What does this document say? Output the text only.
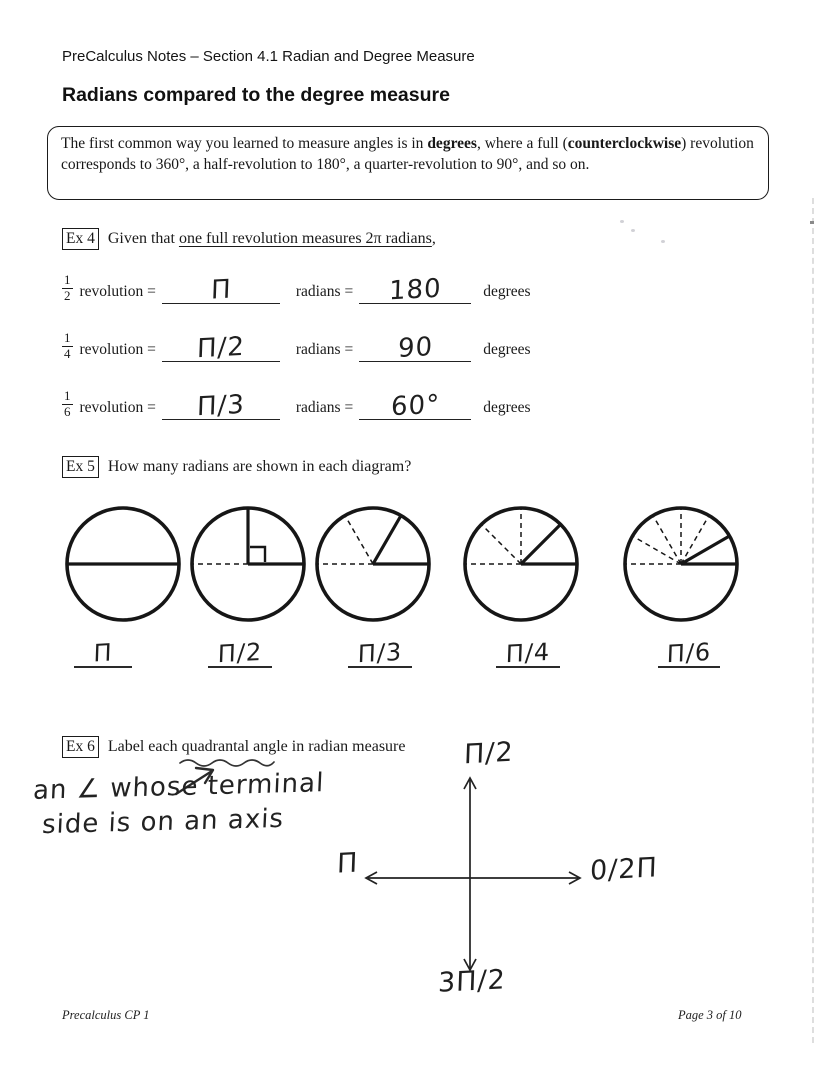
PreCalculus Notes – Section 4.1 Radian and Degree Measure
Radians compared to the degree measure

The first common way you learned to measure angles is in degrees, where a full (counterclockwise) revolution corresponds to 360°, a half-revolution to 180°, a quarter-revolution to 90°, and so on.

Ex 4 Given that one full revolution measures 2π radians,
$\frac{1}{2}$ revolution =	Π	radians =	180	degrees
$\frac{1}{4}$ revolution =	Π/2	radians =	90	degrees
$\frac{1}{6}$ revolution =	Π/3	radians =	60°	degrees
Ex 5 How many radians are shown in each diagram?
Π	Π/2	Π/3	Π/4	Π/6
Ex 6 Label each quadrantal
angle in radian measure
an ∠ whose terminal
side is on an axis
Π/2
Π	0/2Π
3Π/2
Precalculus CP 1	Page 3 of 10
